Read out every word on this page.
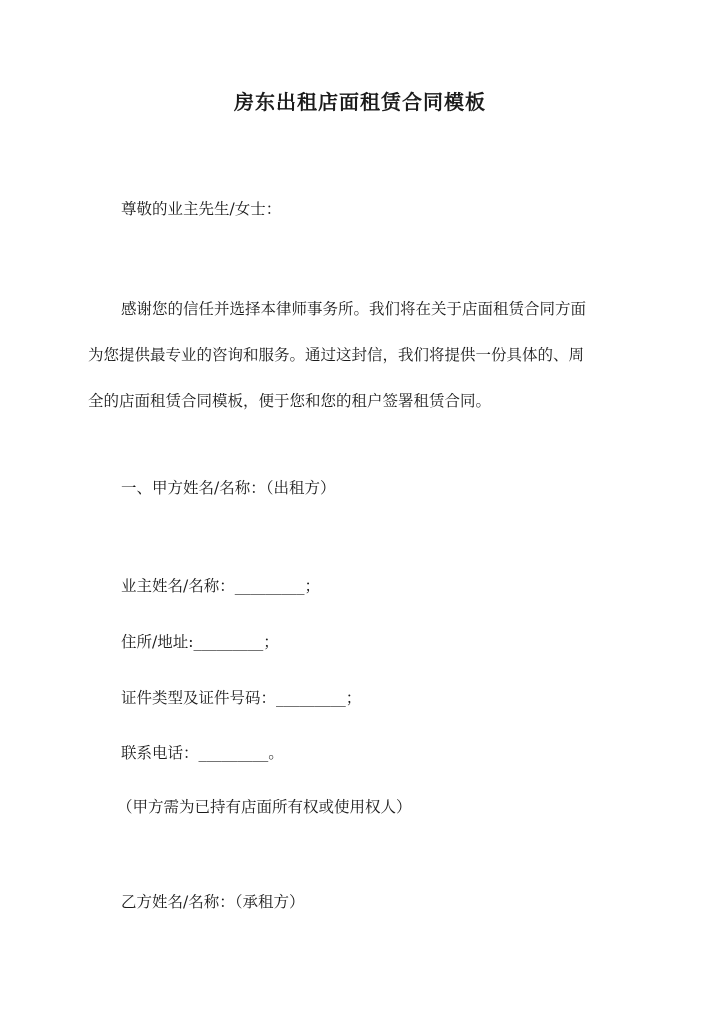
房东出租店面租赁合同模板

尊敬的业主先生/女士：

感谢您的信任并选择本律师事务所。我们将在关于店面租赁合同方面
为您提供最专业的咨询和服务。通过这封信，我们将提供一份具体的、周
全的店面租赁合同模板，便于您和您的租户签署租赁合同。

一、甲方姓名/名称：（出租方）

业主姓名/名称：_________；

住所/地址:_________；

证件类型及证件号码：_________；

联系电话：_________。

（甲方需为已持有店面所有权或使用权人）

乙方姓名/名称：（承租方）
